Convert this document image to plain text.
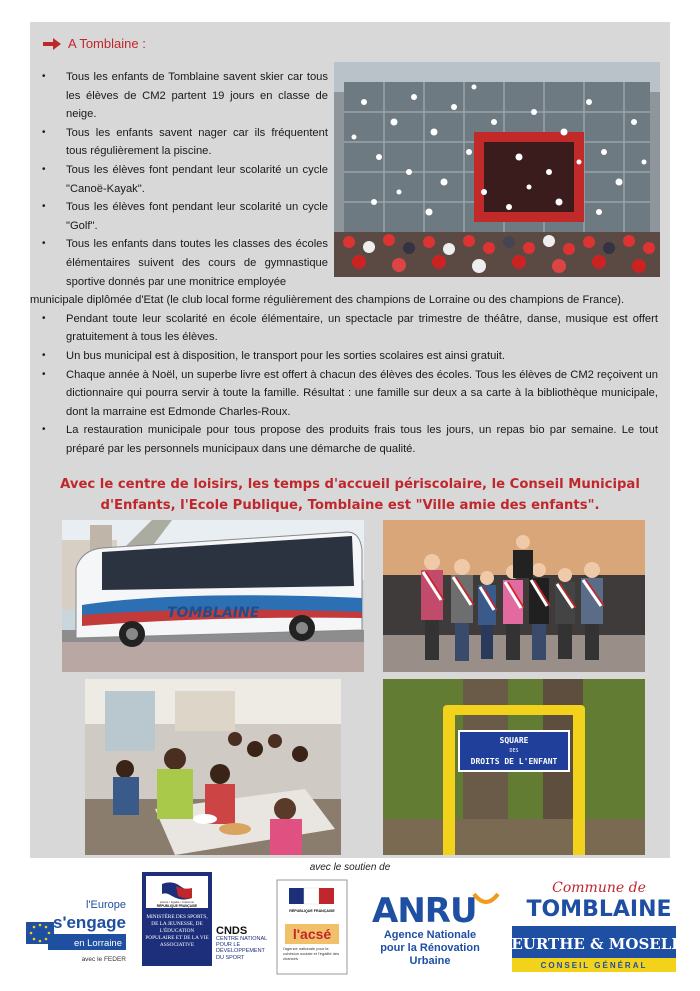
A Tomblaine :
• Tous les enfants de Tomblaine savent skier car tous les élèves de CM2 partent 19 jours en classe de neige.
• Tous les enfants savent nager car ils fréquentent tous régulièrement la piscine.
• Tous les élèves font pendant leur scolarité un cycle "Canoë-Kayak".
• Tous les élèves font pendant leur scolarité un cycle "Golf".
• Tous les enfants dans toutes les classes des écoles élémentaires suivent des cours de gymnastique sportive donnés par une monitrice employée
municipale diplômée d'Etat (le club local forme régulièrement des champions de Lorraine ou des champions de France).
• Pendant toute leur scolarité en école élémentaire, un spectacle par trimestre de théâtre, danse, musique est offert gratuitement à tous les élèves.
• Un bus municipal est à disposition, le transport pour les sorties scolaires est ainsi gratuit.
• Chaque année à Noël, un superbe livre est offert à chacun des élèves des écoles. Tous les élèves de CM2 reçoivent un dictionnaire qui pourra servir à toute la famille. Résultat : une famille sur deux a sa carte à la bibliothèque municipale, dont la marraine est Edmonde Charles-Roux.
• La restauration municipale pour tous propose des produits frais tous les jours, un repas bio par semaine. Le tout préparé par les personnels municipaux dans une démarche de qualité.
Avec le centre de loisirs, les temps d'accueil périscolaire, le Conseil Municipal
d'Enfants, l'Ecole Publique, Tomblaine est "Ville amie des enfants".
TOMBLAINE
SQUARE
DES
DROITS DE L'ENFANT
avec le soutien de
l'Europe
s'engage
en Lorraine
avec le FEDER
Liberté • Égalité • Fraternité
RÉPUBLIQUE FRANÇAISE
MINISTÈRE DES SPORTS, DE LA JEUNESSE, DE L'ÉDUCATION POPULAIRE ET DE LA VIE ASSOCIATIVE
CNDS
CENTRE NATIONAL POUR LE DÉVELOPPEMENT DU SPORT
RÉPUBLIQUE FRANÇAISE
l'acsé
l'agence nationale pour la cohésion sociale et l'égalité des chances
ANRU
Agence Nationale
pour la Rénovation
Urbaine
Commune de
TOMBLAINE
MEURTHE & MOSELLE
CONSEIL GÉNÉRAL
